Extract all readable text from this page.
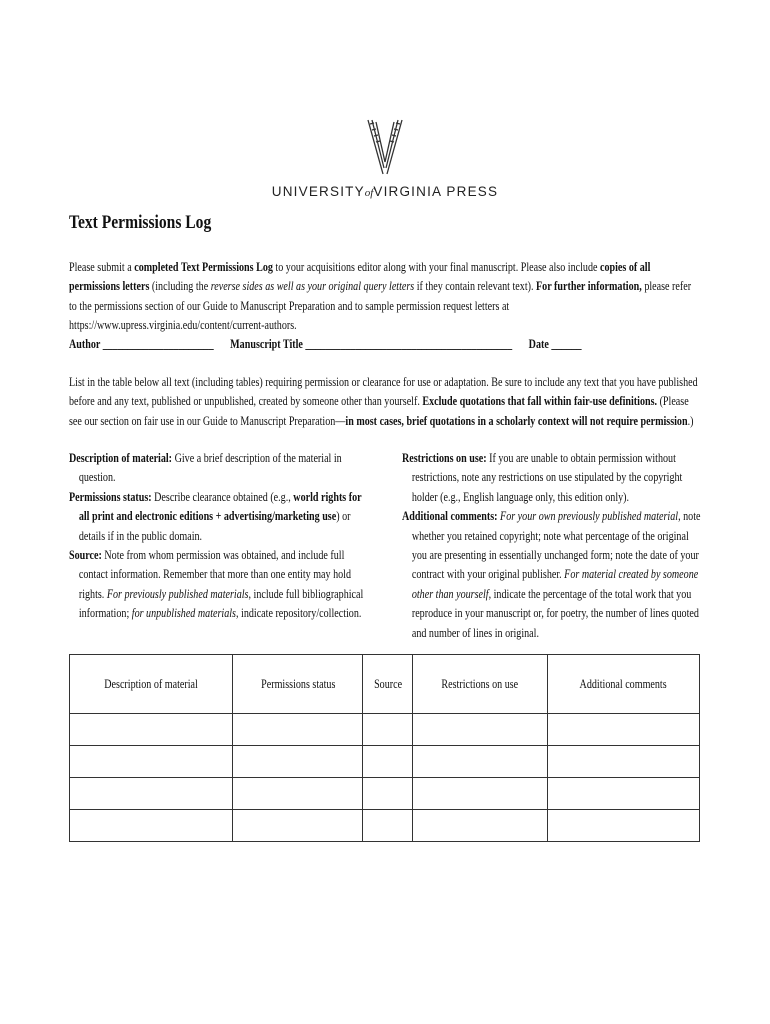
UNIVERSITYofVIRGINIA PRESS
Text Permissions Log
Please submit a completed Text Permissions Log to your acquisitions editor along with your final manuscript. Please also include copies of all permissions letters (including the reverse sides as well as your original query letters if they contain relevant text). For further information, please refer to the permissions section of our Guide to Manuscript Preparation and to sample permission request letters at https://www.upress.virginia.edu/content/current-authors.
Author ______________________ Manuscript Title _________________________________________ Date ______
List in the table below all text (including tables) requiring permission or clearance for use or adaptation. Be sure to include any text that you have published before and any text, published or unpublished, created by someone other than yourself. Exclude quotations that fall within fair-use definitions. (Please see our section on fair use in our Guide to Manuscript Preparation—in most cases, brief quotations in a scholarly context will not require permission.)
Description of material: Give a brief description of the material in question.
Permissions status: Describe clearance obtained (e.g., world rights for all print and electronic editions + advertising/marketing use) or details if in the public domain.
Source: Note from whom permission was obtained, and include full contact information. Remember that more than one entity may hold rights. For previously published materials, include full bibliographical information; for unpublished materials, indicate repository/collection.
Restrictions on use: If you are unable to obtain permission without restrictions, note any restrictions on use stipulated by the copyright holder (e.g., English language only, this edition only).
Additional comments: For your own previously published material, note whether you retained copyright; note what percentage of the original you are presenting in essentially unchanged form; note the date of your contract with your original publisher. For material created by someone other than yourself, indicate the percentage of the total work that you reproduce in your manuscript or, for poetry, the number of lines quoted and number of lines in original.
Description of material	Permissions status	Source	Restrictions on use	Additional comments
